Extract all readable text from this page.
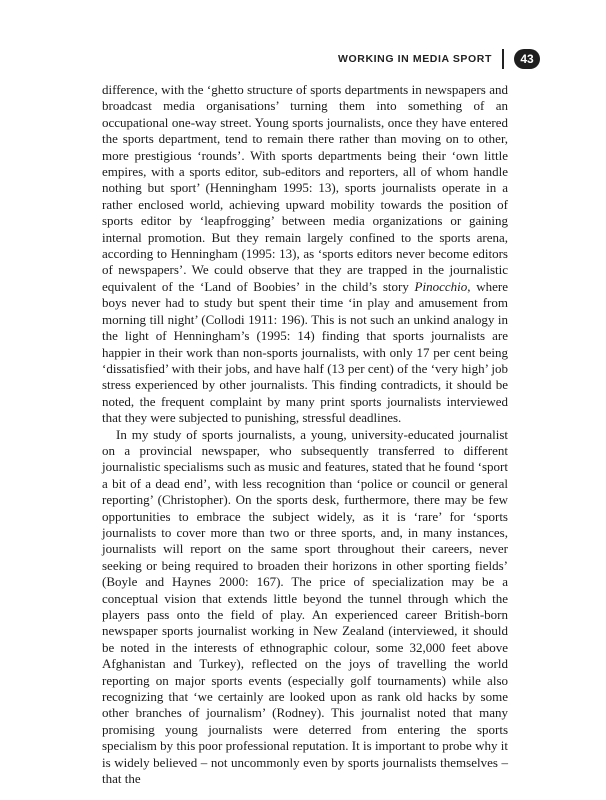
WORKING IN MEDIA SPORT	43

difference, with the ‘ghetto structure of sports departments in newspapers and broadcast media organisations’ turning them into something of an occupational one-way street. Young sports journalists, once they have entered the sports department, tend to remain there rather than moving on to other, more prestigious ‘rounds’. With sports departments being their ‘own little empires, with a sports editor, sub-editors and reporters, all of whom handle nothing but sport’ (Henningham 1995: 13), sports journalists operate in a rather enclosed world, achieving upward mobility towards the position of sports editor by ‘leapfrogging’ between media organizations or gaining internal promotion. But they remain largely confined to the sports arena, according to Henningham (1995: 13), as ‘sports editors never become editors of newspapers’. We could observe that they are trapped in the journalistic equivalent of the ‘Land of Boobies’ in the child’s story Pinocchio, where boys never had to study but spent their time ‘in play and amusement from morning till night’ (Collodi 1911: 196). This is not such an unkind analogy in the light of Henningham’s (1995: 14) finding that sports journalists are happier in their work than non-sports journalists, with only 17 per cent being ‘dissatisfied’ with their jobs, and have half (13 per cent) of the ‘very high’ job stress experienced by other journalists. This finding contradicts, it should be noted, the frequent complaint by many print sports journalists interviewed that they were subjected to punishing, stressful deadlines.

In my study of sports journalists, a young, university-educated journalist on a provincial newspaper, who subsequently transferred to different journalistic specialisms such as music and features, stated that he found ‘sport a bit of a dead end’, with less recognition than ‘police or council or general reporting’ (Christopher). On the sports desk, furthermore, there may be few opportunities to embrace the subject widely, as it is ‘rare’ for ‘sports journalists to cover more than two or three sports, and, in many instances, journalists will report on the same sport throughout their careers, never seeking or being required to broaden their horizons in other sporting fields’ (Boyle and Haynes 2000: 167). The price of specialization may be a conceptual vision that extends little beyond the tunnel through which the players pass onto the field of play. An experienced career British-born newspaper sports journalist working in New Zealand (interviewed, it should be noted in the interests of ethnographic colour, some 32,000 feet above Afghanistan and Turkey), reflected on the joys of travelling the world reporting on major sports events (especially golf tournaments) while also recognizing that ‘we certainly are looked upon as rank old hacks by some other branches of journalism’ (Rodney). This journalist noted that many promising young journalists were deterred from entering the sports specialism by this poor professional reputation. It is important to probe why it is widely believed – not uncommonly even by sports journalists themselves – that the
